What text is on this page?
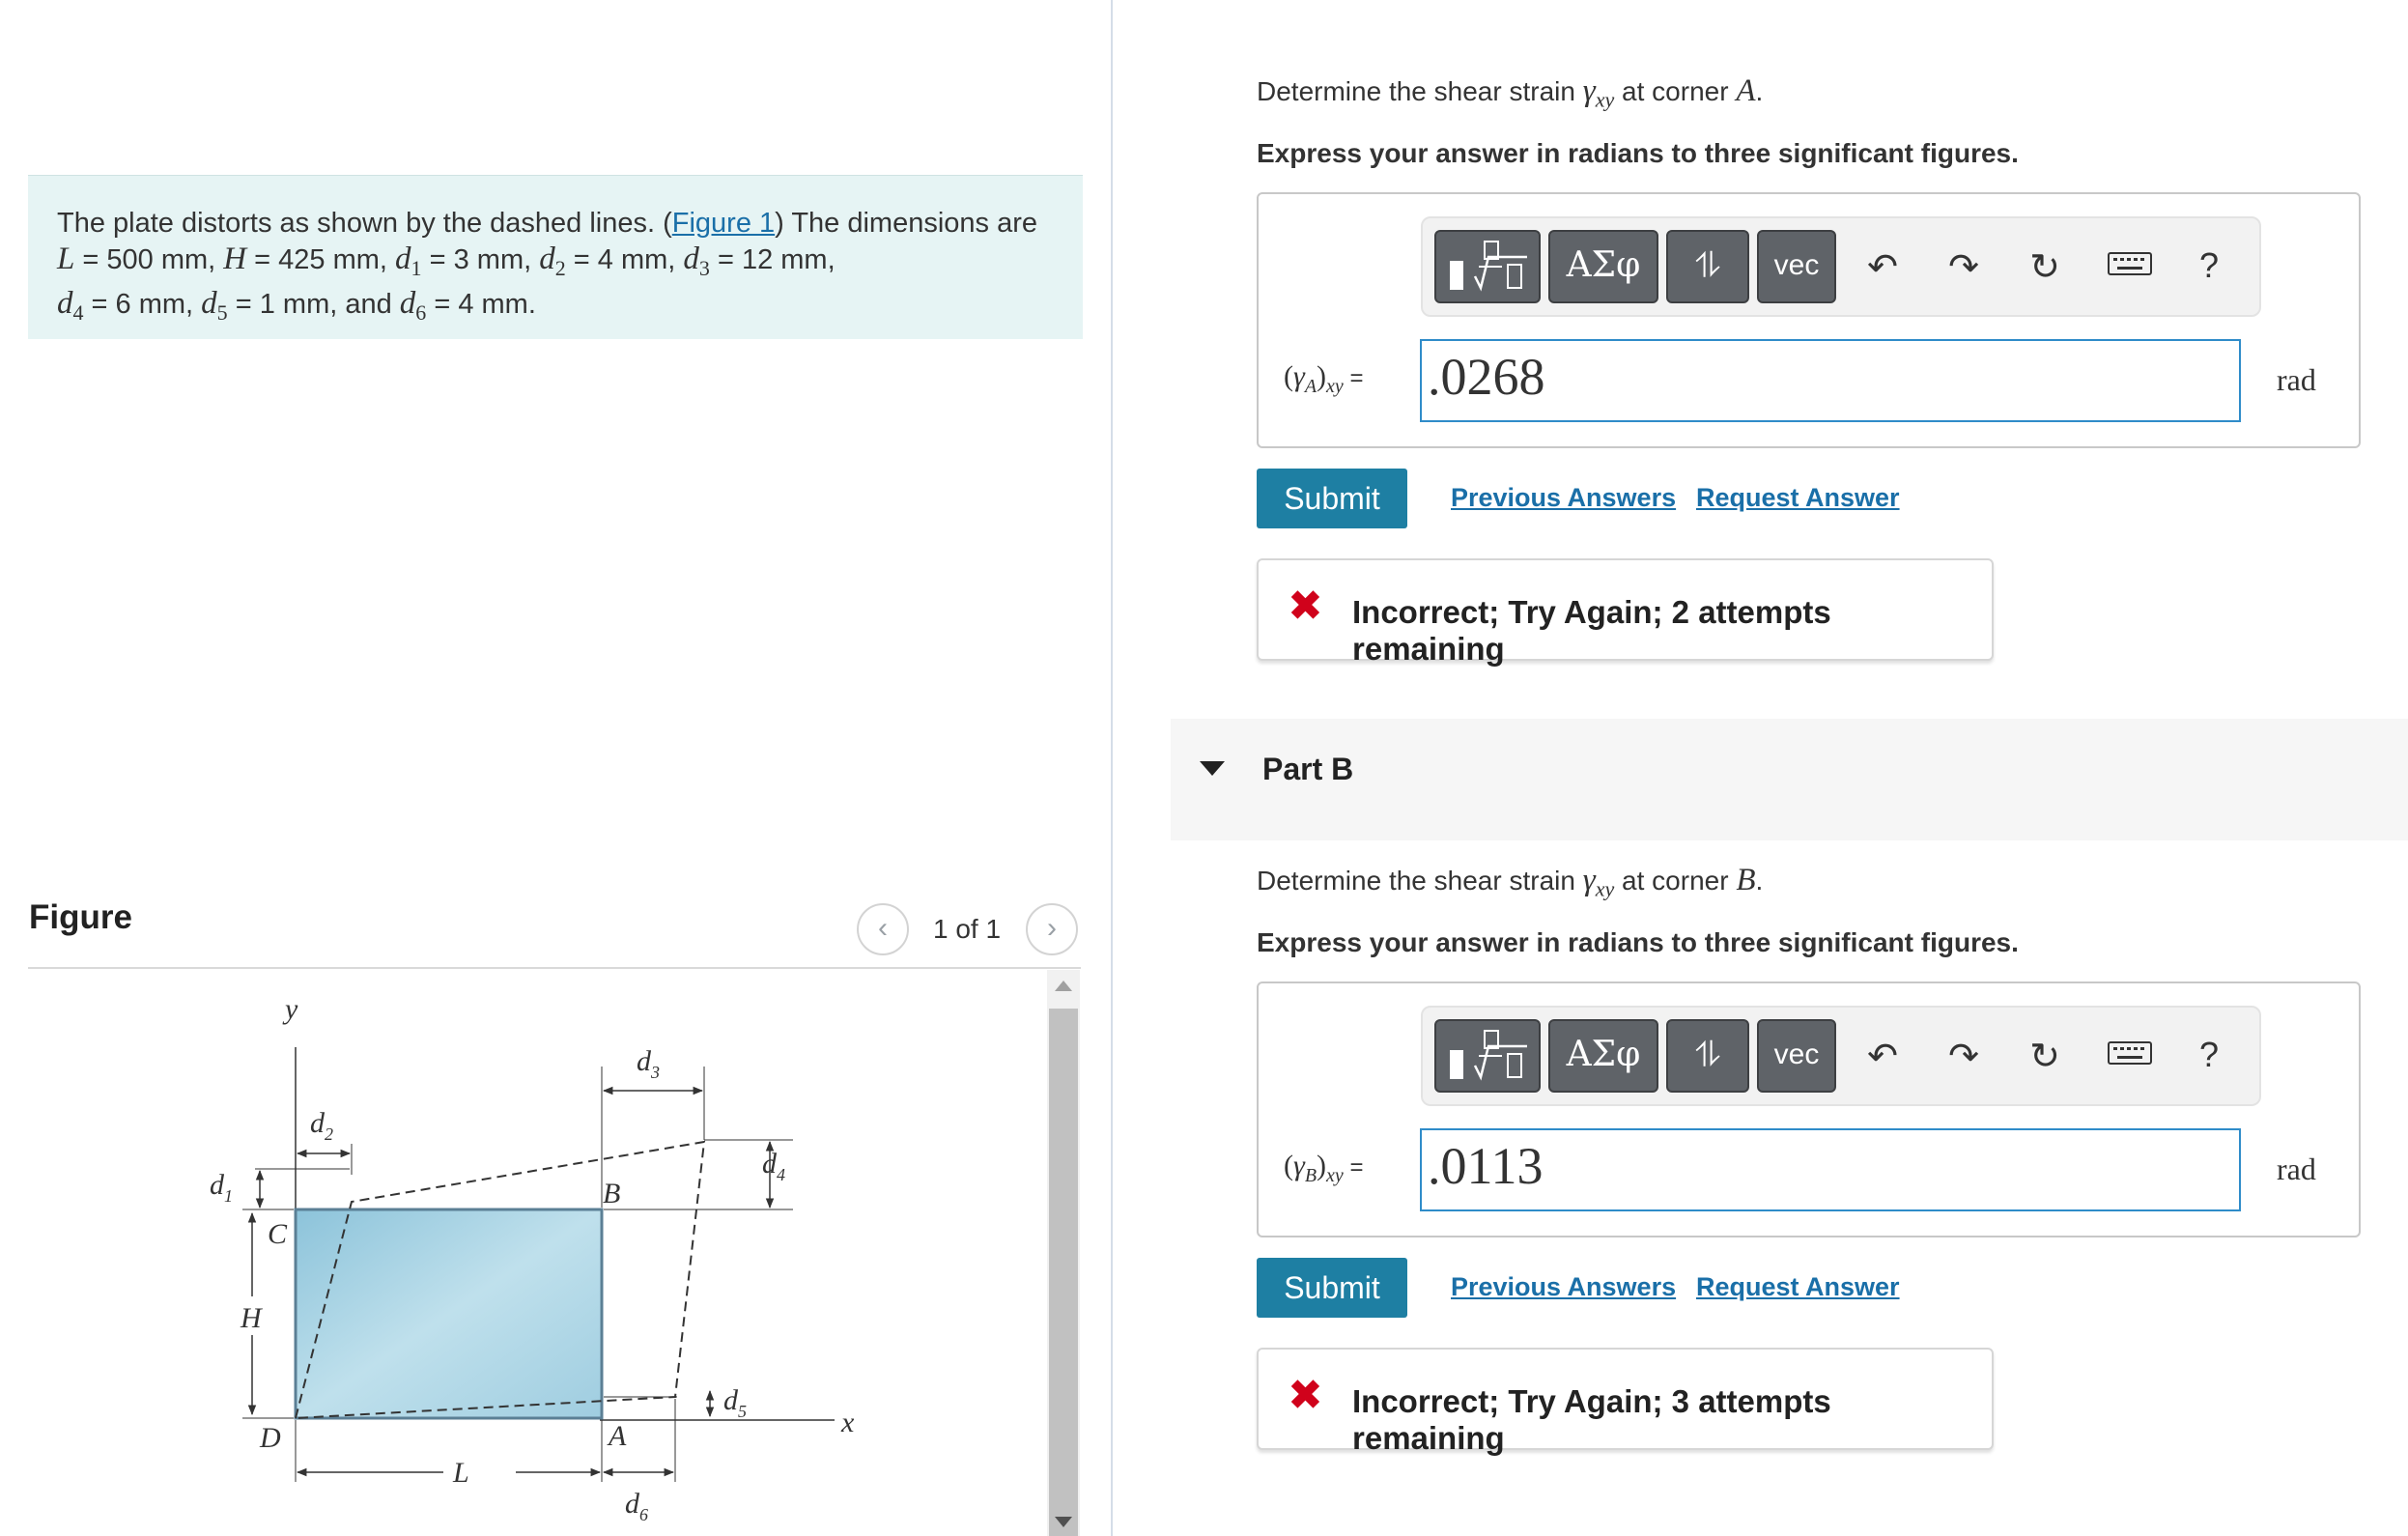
The plate distorts as shown by the dashed lines. (Figure 1) The dimensions are
L = 500 mm, H = 425 mm, $d_1 = 3$ mm, $d_2 = 4$ mm, $d_3 = 12$ mm,
$d_4 = 6$ mm, $d_5 = 1$ mm, and $d_6 = 4$ mm.
Figure	‹	1 of 1	›
y
x
C
D
B
A
H
$d_1$
$d_2$
$d_3$
$d_4$
$d_5$
L
$d_6$
Determine the shear strain $\gamma_{xy}$ at corner A.
Express your answer in radians to three significant figures.
ΑΣφ	⥮	vec	↶	↷	↻	?
$(\gamma_A)_{xy} = .0268$	rad
Submit	Previous Answers Request Answer
✖ Incorrect; Try Again; 2 attempts remaining
Part B
Determine the shear strain $\gamma_{xy}$ at corner B.
Express your answer in radians to three significant figures.
ΑΣφ	⥮	vec	↶	↷	↻	?
$(\gamma_B)_{xy} = .0113$	rad
Submit	Previous Answers Request Answer
✖ Incorrect; Try Again; 3 attempts remaining
